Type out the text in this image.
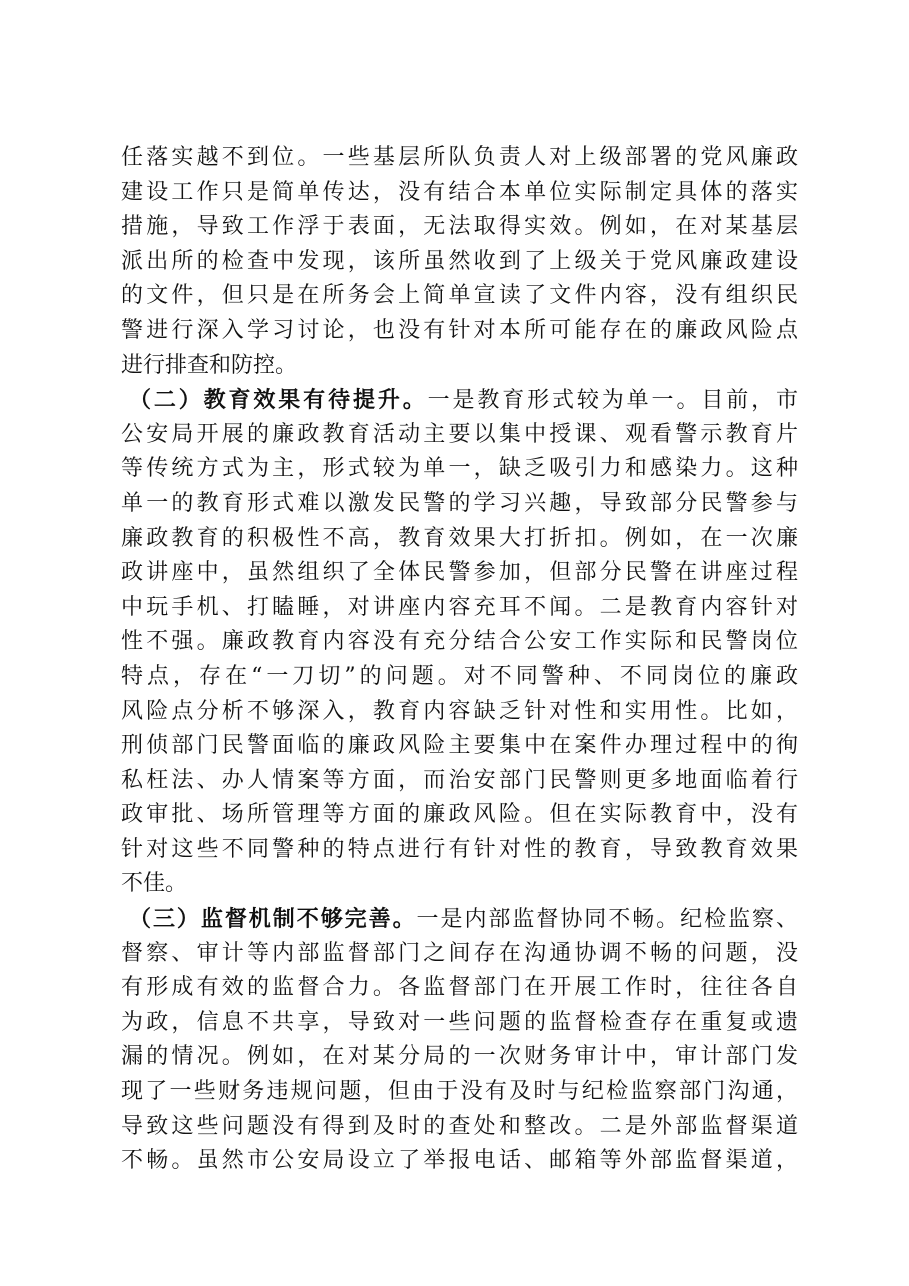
任落实越不到位。一些基层所队负责人对上级部署的党风廉政
建设工作只是简单传达，没有结合本单位实际制定具体的落实
措施，导致工作浮于表面，无法取得实效。例如，在对某基层
派出所的检查中发现，该所虽然收到了上级关于党风廉政建设
的文件，但只是在所务会上简单宣读了文件内容，没有组织民
警进行深入学习讨论，也没有针对本所可能存在的廉政风险点
进行排查和防控。
（二）教育效果有待提升。一是教育形式较为单一。目前，市
公安局开展的廉政教育活动主要以集中授课、观看警示教育片
等传统方式为主，形式较为单一，缺乏吸引力和感染力。这种
单一的教育形式难以激发民警的学习兴趣，导致部分民警参与
廉政教育的积极性不高，教育效果大打折扣。例如，在一次廉
政讲座中，虽然组织了全体民警参加，但部分民警在讲座过程
中玩手机、打瞌睡，对讲座内容充耳不闻。二是教育内容针对
性不强。廉政教育内容没有充分结合公安工作实际和民警岗位
特点，存在“一刀切”的问题。对不同警种、不同岗位的廉政
风险点分析不够深入，教育内容缺乏针对性和实用性。比如，
刑侦部门民警面临的廉政风险主要集中在案件办理过程中的徇
私枉法、办人情案等方面，而治安部门民警则更多地面临着行
政审批、场所管理等方面的廉政风险。但在实际教育中，没有
针对这些不同警种的特点进行有针对性的教育，导致教育效果
不佳。
（三）监督机制不够完善。一是内部监督协同不畅。纪检监察、
督察、审计等内部监督部门之间存在沟通协调不畅的问题，没
有形成有效的监督合力。各监督部门在开展工作时，往往各自
为政，信息不共享，导致对一些问题的监督检查存在重复或遗
漏的情况。例如，在对某分局的一次财务审计中，审计部门发
现了一些财务违规问题，但由于没有及时与纪检监察部门沟通，
导致这些问题没有得到及时的查处和整改。二是外部监督渠道
不畅。虽然市公安局设立了举报电话、邮箱等外部监督渠道，
